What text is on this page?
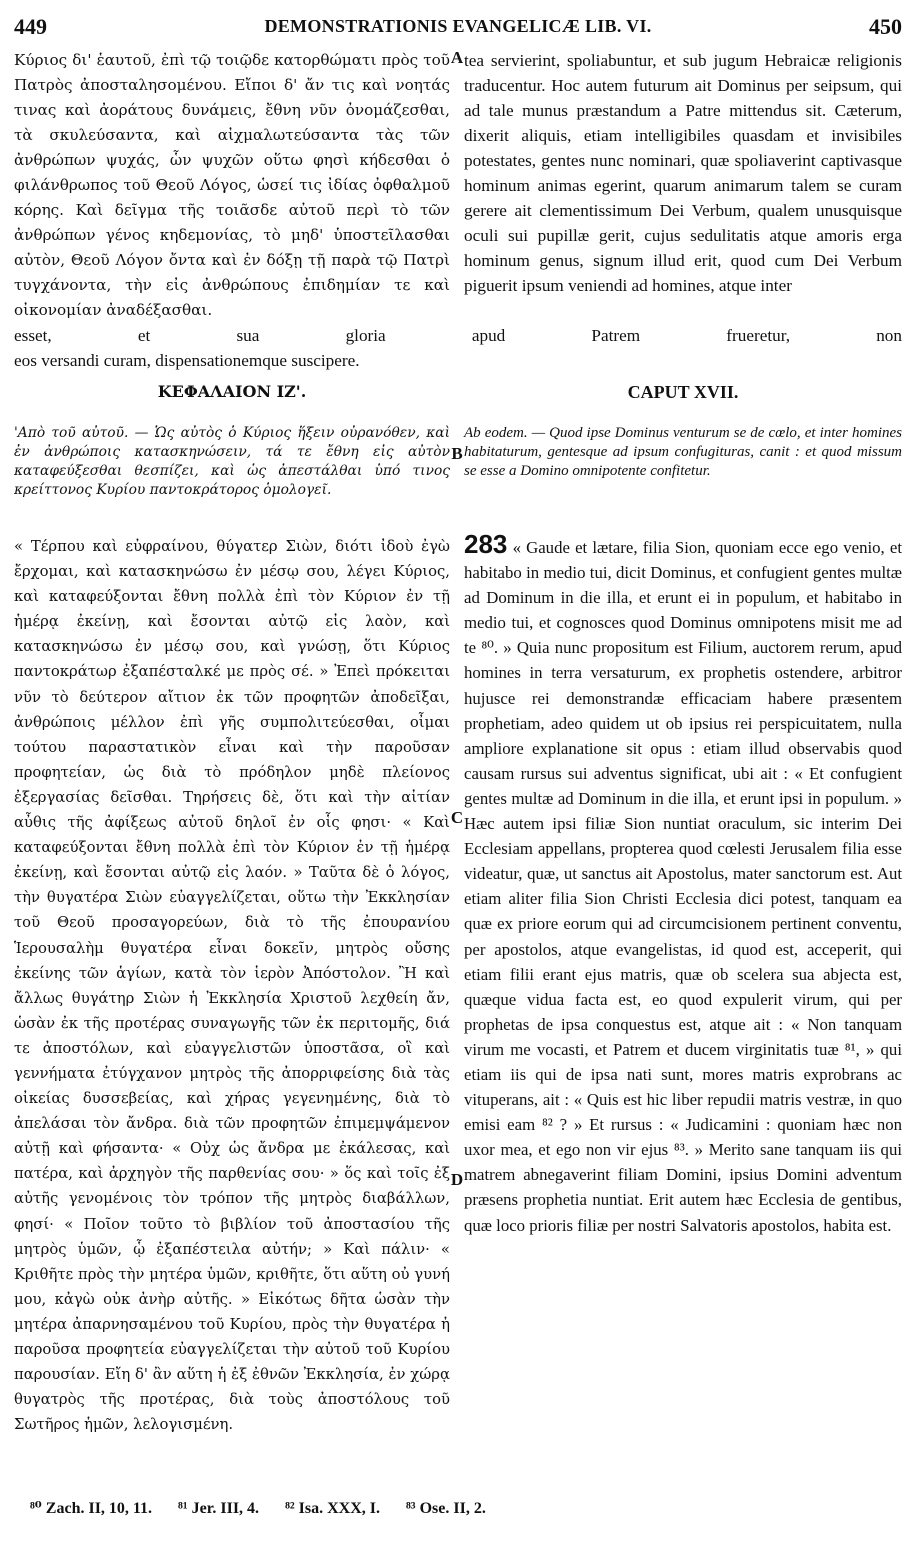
449	DEMONSTRATIONIS EVANGELICÆ LIB. VI.	450

Κύριος δι' ἑαυτοῦ, ἐπὶ τῷ τοιῷδε κατορθώματι πρὸς τοῦ Πατρὸς ἀποσταλησομένου. Εἴποι δ' ἄν τις καὶ νοητάς τινας καὶ ἀοράτους δυνάμεις, ἔθνη νῦν ὀνομάζεσθαι, τὰ σκυλεύσαντα, καὶ αἰχμαλωτεύσαντα τὰς τῶν ἀνθρώπων ψυχάς, ὧν ψυχῶν οὕτω φησὶ κήδεσθαι ὁ φιλάνθρωπος τοῦ Θεοῦ Λόγος, ὡσεί τις ἰδίας ὀφθαλμοῦ κόρης. Καὶ δεῖγμα τῆς τοιᾶσδε αὐτοῦ περὶ τὸ τῶν ἀνθρώπων γένος κηδεμονίας, τὸ μηδ' ὑποστεῖλασθαι αὐτὸν, Θεοῦ Λόγον ὄντα καὶ ἐν δόξῃ τῇ παρὰ τῷ Πατρὶ τυγχάνοντα, τὴν εἰς ἀνθρώπους ἐπιδημίαν τε καὶ οἰκονομίαν ἀναδέξασθαι.

tea servierint, spoliabuntur, et sub jugum Hebraicæ religionis traducentur. Hoc autem futurum ait Dominus per seipsum, qui ad tale munus præstandum a Patre mittendus sit. Cæterum, dixerit aliquis, etiam intelligibiles quasdam et invisibiles potestates, gentes nunc nominari, quæ spoliaverint captivasque hominum animas egerint, quarum animarum talem se curam gerere ait clementissimum Dei Verbum, qualem unusquisque oculi sui pupillæ gerit, cujus sedulitatis atque amoris erga hominum genus, signum illud erit, quod cum Dei Verbum piguerit ipsum veniendi ad homines, atque inter

esset, et sua gloria apud Patrem frueretur, non
eos versandi curam, dispensationemque suscipere.
ΚΕΦΑΛΑΙΟΝ ΙΖ'.	CAPUT XVII.
'Απὸ τοῦ αὐτοῦ. — Ὡς αὐτὸς ὁ Κύριος ἥξειν οὐρανόθεν, καὶ ἐν ἀνθρώποις κατασκηνώσειν, τά τε ἔθνη εἰς αὐτὸν καταφεύξεσθαι θεσπίζει, καὶ ὡς ἀπεστάλθαι ὑπό τινος κρείττονος Κυρίου παντοκράτορος ὁμολογεῖ.
Ab eodem. — Quod ipse Dominus venturum se de cœlo, et inter homines habitaturum, gentesque ad ipsum confugituras, canit : et quod missum se esse a Domino omnipotente confitetur.

« Τέρπου καὶ εὐφραίνου, θύγατερ Σιὼν, διότι ἰδοὺ ἐγὼ ἔρχομαι, καὶ κατασκηνώσω ἐν μέσῳ σου, λέγει Κύριος, καὶ καταφεύξονται ἔθνη πολλὰ ἐπὶ τὸν Κύριον ἐν τῇ ἡμέρᾳ ἐκείνῃ, καὶ ἔσονται αὐτῷ εἰς λαὸν, καὶ κατασκηνώσω ἐν μέσῳ σου, καὶ γνώσῃ, ὅτι Κύριος παντοκράτωρ ἐξαπέσταλκέ με πρὸς σέ. » Ἐπεὶ πρόκειται νῦν τὸ δεύτερον αἴτιον ἐκ τῶν προφητῶν ἀποδεῖξαι, ἀνθρώποις μέλλον ἐπὶ γῆς συμπολιτεύεσθαι, οἶμαι τούτου παραστατικὸν εἶναι καὶ τὴν παροῦσαν προφητείαν, ὡς διὰ τὸ πρόδηλον μηδὲ πλείονος ἐξεργασίας δεῖσθαι. Τηρήσεις δὲ, ὅτι καὶ τὴν αἰτίαν αὖθις τῆς ἀφίξεως αὐτοῦ δηλοῖ ἐν οἷς φησι· « Καὶ καταφεύξονται ἔθνη πολλὰ ἐπὶ τὸν Κύριον ἐν τῇ ἡμέρᾳ ἐκείνῃ, καὶ ἔσονται αὐτῷ εἰς λαόν. » Ταῦτα δὲ ὁ λόγος, τὴν θυγατέρα Σιὼν εὐαγγελίζεται, οὕτω τὴν Ἐκκλησίαν τοῦ Θεοῦ προσαγορεύων, διὰ τὸ τῆς ἐπουρανίου Ἱερουσαλὴμ θυγατέρα εἶναι δοκεῖν, μητρὸς οὔσης ἐκείνης τῶν ἁγίων, κατὰ τὸν ἱερὸν Ἀπόστολον. Ἢ καὶ ἄλλως θυγάτηρ Σιὼν ἡ Ἐκκλησία Χριστοῦ λεχθείη ἄν, ὡσὰν ἐκ τῆς προτέρας συναγωγῆς τῶν ἐκ περιτομῆς, διά τε ἀποστόλων, καὶ εὐαγγελιστῶν ὑποστᾶσα, οἳ καὶ γεννήματα ἐτύγχανον μητρὸς τῆς ἀπορριφείσης διὰ τὰς οἰκείας δυσσεβείας, καὶ χήρας γεγενημένης, διὰ τὸ ἀπελάσαι τὸν ἄνδρα. διὰ τῶν προφητῶν ἐπιμεμψάμενον αὐτῇ καὶ φήσαντα· « Οὐχ ὡς ἄνδρα με ἐκάλεσας, καὶ πατέρα, καὶ ἀρχηγὸν τῆς παρθενίας σου· » ὅς καὶ τοῖς ἐξ αὐτῆς γενομένοις τὸν τρόπον τῆς μητρὸς διαβάλλων, φησί· « Ποῖον τοῦτο τὸ βιβλίον τοῦ ἀποστασίου τῆς μητρὸς ὑμῶν, ᾧ ἐξαπέστειλα αὐτήν; » Καὶ πάλιν· « Κριθῆτε πρὸς τὴν μητέρα ὑμῶν, κριθῆτε, ὅτι αὕτη οὐ γυνή μου, κἀγὼ οὐκ ἀνὴρ αὐτῆς. » Εἰκότως δῆτα ὡσὰν τὴν μητέρα ἀπαρνησαμένου τοῦ Κυρίου, πρὸς τὴν θυγατέρα ἡ παροῦσα προφητεία εὐαγγελίζεται τὴν αὐτοῦ τοῦ Κυρίου παρουσίαν. Εἴη δ' ἂν αὕτη ἡ ἐξ ἐθνῶν Ἐκκλησία, ἐν χώρᾳ θυγατρὸς τῆς προτέρας, διὰ τοὺς ἀποστόλους τοῦ Σωτῆρος ἡμῶν, λελογισμένη.

283 « Gaude et lætare, filia Sion, quoniam ecce ego venio, et habitabo in medio tui, dicit Dominus, et confugient gentes multæ ad Dominum in die illa, et erunt ei in populum, et habitabo in medio tui, et cognosces quod Dominus omnipotens misit me ad te ⁸⁰. » Quia nunc propositum est Filium, auctorem rerum, apud homines in terra versaturum, ex prophetis ostendere, arbitror hujusce rei demonstrandæ efficaciam habere præsentem prophetiam, adeo quidem ut ob ipsius rei perspicuitatem, nulla ampliore explanatione sit opus : etiam illud observabis quod causam rursus sui adventus significat, ubi ait : « Et confugient gentes multæ ad Dominum in die illa, et erunt ipsi in populum. » Hæc autem ipsi filiæ Sion nuntiat oraculum, sic interim Dei Ecclesiam appellans, propterea quod cœlesti Jerusalem filia esse videatur, quæ, ut sanctus ait Apostolus, mater sanctorum est. Aut etiam aliter filia Sion Christi Ecclesia dici potest, tanquam ea quæ ex priore eorum qui ad circumcisionem pertinent conventu, per apostolos, atque evangelistas, id quod est, acceperit, qui etiam filii erant ejus matris, quæ ob scelera sua abjecta est, quæque vidua facta est, eo quod expulerit virum, qui per prophetas de ipsa conquestus est, atque ait : « Non tanquam virum me vocasti, et Patrem et ducem virginitatis tuæ ⁸¹, » qui etiam iis qui de ipsa nati sunt, mores matris exprobrans ac vituperans, ait : « Quis est hic liber repudii matris vestræ, in quo emisi eam ⁸² ? » Et rursus : « Judicamini : quoniam hæc non uxor mea, et ego non vir ejus ⁸³. » Merito sane tanquam iis qui matrem abnegaverint filiam Domini, ipsius Domini adventum præsens prophetia nuntiat. Erit autem hæc Ecclesia de gentibus, quæ loco prioris filiæ per nostri Salvatoris apostolos, habita est.

A
B
C
D
⁸⁰ Zach. II, 10, 11. ⁸¹ Jer. III, 4. ⁸² Isa. XXX, I. ⁸³ Ose. II, 2.
